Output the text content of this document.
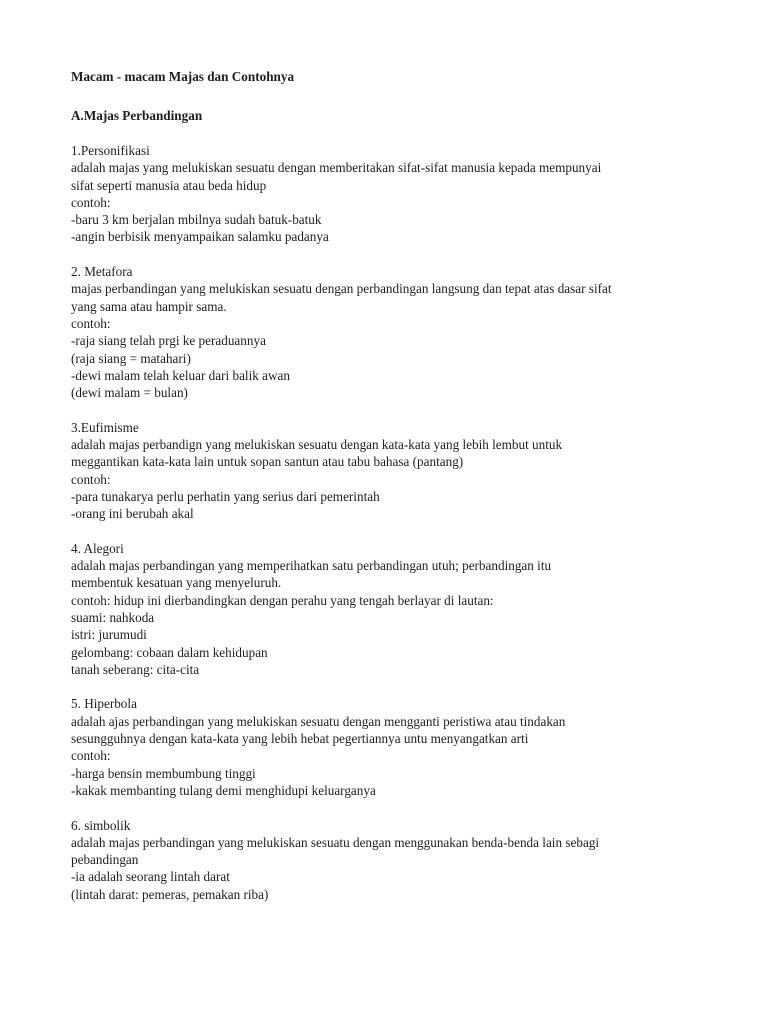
Macam - macam Majas dan Contohnya
A.Majas Perbandingan
1.Personifikasi
adalah majas yang melukiskan sesuatu dengan memberitakan sifat-sifat manusia kepada mempunyai
sifat seperti manusia atau beda hidup
contoh:
-baru 3 km berjalan mbilnya sudah batuk-batuk
-angin berbisik menyampaikan salamku padanya
2. Metafora
majas perbandingan yang melukiskan sesuatu dengan perbandingan langsung dan tepat atas dasar sifat
yang sama atau hampir sama.
contoh:
-raja siang telah prgi ke peraduannya
(raja siang = matahari)
-dewi malam telah keluar dari balik awan
(dewi malam = bulan)
3.Eufimisme
adalah majas perbandign yang melukiskan sesuatu dengan kata-kata yang lebih lembut untuk
meggantikan kata-kata lain untuk sopan santun atau tabu bahasa (pantang)
contoh:
-para tunakarya perlu perhatin yang serius dari pemerintah
-orang ini berubah akal
4. Alegori
adalah majas perbandingan yang memperihatkan satu perbandingan utuh; perbandingan itu
membentuk kesatuan yang menyeluruh.
contoh: hidup ini dierbandingkan dengan perahu yang tengah berlayar di lautan:
suami: nahkoda
istri: jurumudi
gelombang: cobaan dalam kehidupan
tanah seberang: cita-cita
5. Hiperbola
adalah ajas perbandingan yang melukiskan sesuatu dengan mengganti peristiwa atau tindakan
sesungguhnya dengan kata-kata yang lebih hebat pegertiannya untu menyangatkan arti
contoh:
-harga bensin membumbung tinggi
-kakak membanting tulang demi menghidupi keluarganya
6. simbolik
adalah majas perbandingan yang melukiskan sesuatu dengan menggunakan benda-benda lain sebagi
pebandingan
-ia adalah seorang lintah darat
(lintah darat: pemeras, pemakan riba)
